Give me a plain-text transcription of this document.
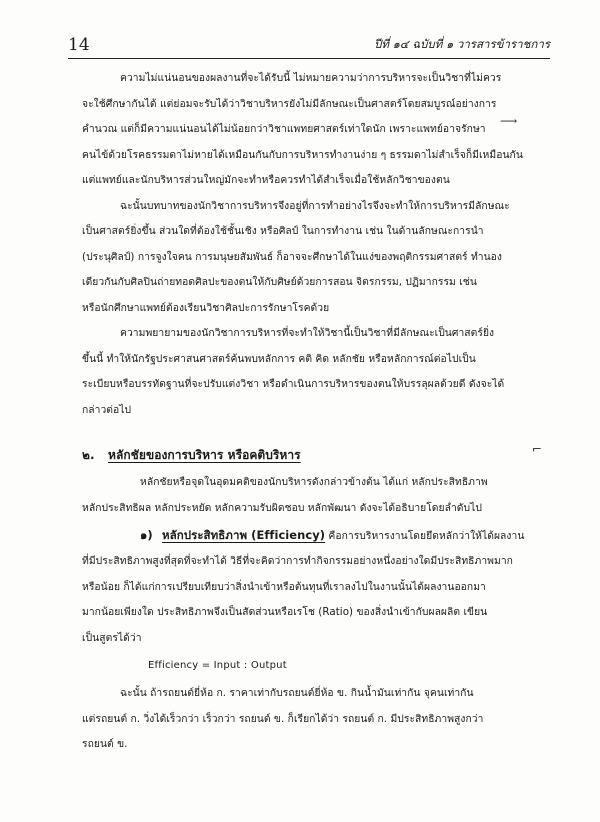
14	ปีที่ ๑๔ ฉบับที่ ๑ วารสารข้าราชการ
⟶
⌐
ความไม่แน่นอนของผลงานที่จะได้รับนี้ ไม่หมายความว่าการบริหารจะเป็นวิชาที่ไม่ควร
จะใช้ศึกษากันได้ แต่ย่อมจะรับได้ว่าวิชาบริหารยังไม่มีลักษณะเป็นศาสตร์โดยสมบูรณ์อย่างการ
คำนวณ แต่ก็มีความแน่นอนได้ไม่น้อยกว่าวิชาแพทยศาสตร์เท่าใดนัก เพราะแพทย์อาจรักษา
คนไข้ด้วยโรคธรรมดาไม่หายได้เหมือนกันกับการบริหารทำงานง่าย ๆ ธรรมดาไม่สำเร็จก็มีเหมือนกัน
แต่แพทย์และนักบริหารส่วนใหญ่มักจะทำหรือควรทำได้สำเร็จเมื่อใช้หลักวิชาของตน
ฉะนั้นบทบาทของนักวิชาการบริหารจึงอยู่ที่การทำอย่างไรจึงจะทำให้การบริหารมีลักษณะ
เป็นศาสตร์ยิ่งขึ้น ส่วนใดที่ต้องใช้ชั้นเชิง หรือศิลป์ ในการทำงาน เช่น ในด้านลักษณะการนำ
(ประนุศิลป์) การจูงใจคน การมนุษยสัมพันธ์ ก็อาจจะศึกษาได้ในแง่ของพฤติกรรมศาสตร์ ทำนอง
เดียวกันกับศิลปินถ่ายทอดศิลปะของตนให้กับศิษย์ด้วยการสอน จิตรกรรม, ปฏิมากรรม เช่น
หรือนักศึกษาแพทย์ต้องเรียนวิชาศิลปะการรักษาโรคด้วย
ความพยายามของนักวิชาการบริหารที่จะทำให้วิชานี้เป็นวิชาที่มีลักษณะเป็นศาสตร์ยิ่ง
ขึ้นนี้ ทำให้นักรัฐประศาสนศาสตร์ค้นพบหลักการ คติ คิด หลักชัย หรือหลักการณ์ต่อไปเป็น
ระเบียบหรือบรรทัดฐานที่จะปรับแต่งวิชา หรือดำเนินการบริหารของตนให้บรรลุผลด้วยดี ดังจะได้
กล่าวต่อไป
๒. หลักชัยของการบริหาร หรือคติบริหาร
หลักชัยหรือจุดในอุดมคติของนักบริหารดังกล่าวข้างต้น ได้แก่ หลักประสิทธิภาพ
หลักประสิทธิผล หลักประหยัด หลักความรับผิดชอบ หลักพัฒนา ดังจะได้อธิบายโดยลำดับไป
๑) หลักประสิทธิภาพ (Efficiency) คือการบริหารงานโดยยึดหลักว่าให้ได้ผลงาน
ที่มีประสิทธิภาพสูงที่สุดที่จะทำได้ วิธีที่จะคิดว่าการทำกิจกรรมอย่างหนึ่งอย่างใดมีประสิทธิภาพมาก
หรือน้อย ก็ได้แก่การเปรียบเทียบว่าสิ่งนำเข้าหรือต้นทุนที่เราลงไปในงานนั้นได้ผลงานออกมา
มากน้อยเพียงใด ประสิทธิภาพจึงเป็นสัดส่วนหรือเรโช (Ratio) ของสิ่งนำเข้ากับผลผลิต เขียน
เป็นสูตรได้ว่า
Efficiency = Input : Output
ฉะนั้น ถ้ารถยนต์ยี่ห้อ ก. ราคาเท่ากับรถยนต์ยี่ห้อ ข. กินน้ำมันเท่ากัน จุคนเท่ากัน
แต่รถยนต์ ก. วิ่งได้เร็วกว่า เร็วกว่า รถยนต์ ข. ก็เรียกได้ว่า รถยนต์ ก. มีประสิทธิภาพสูงกว่า
รถยนต์ ข.
